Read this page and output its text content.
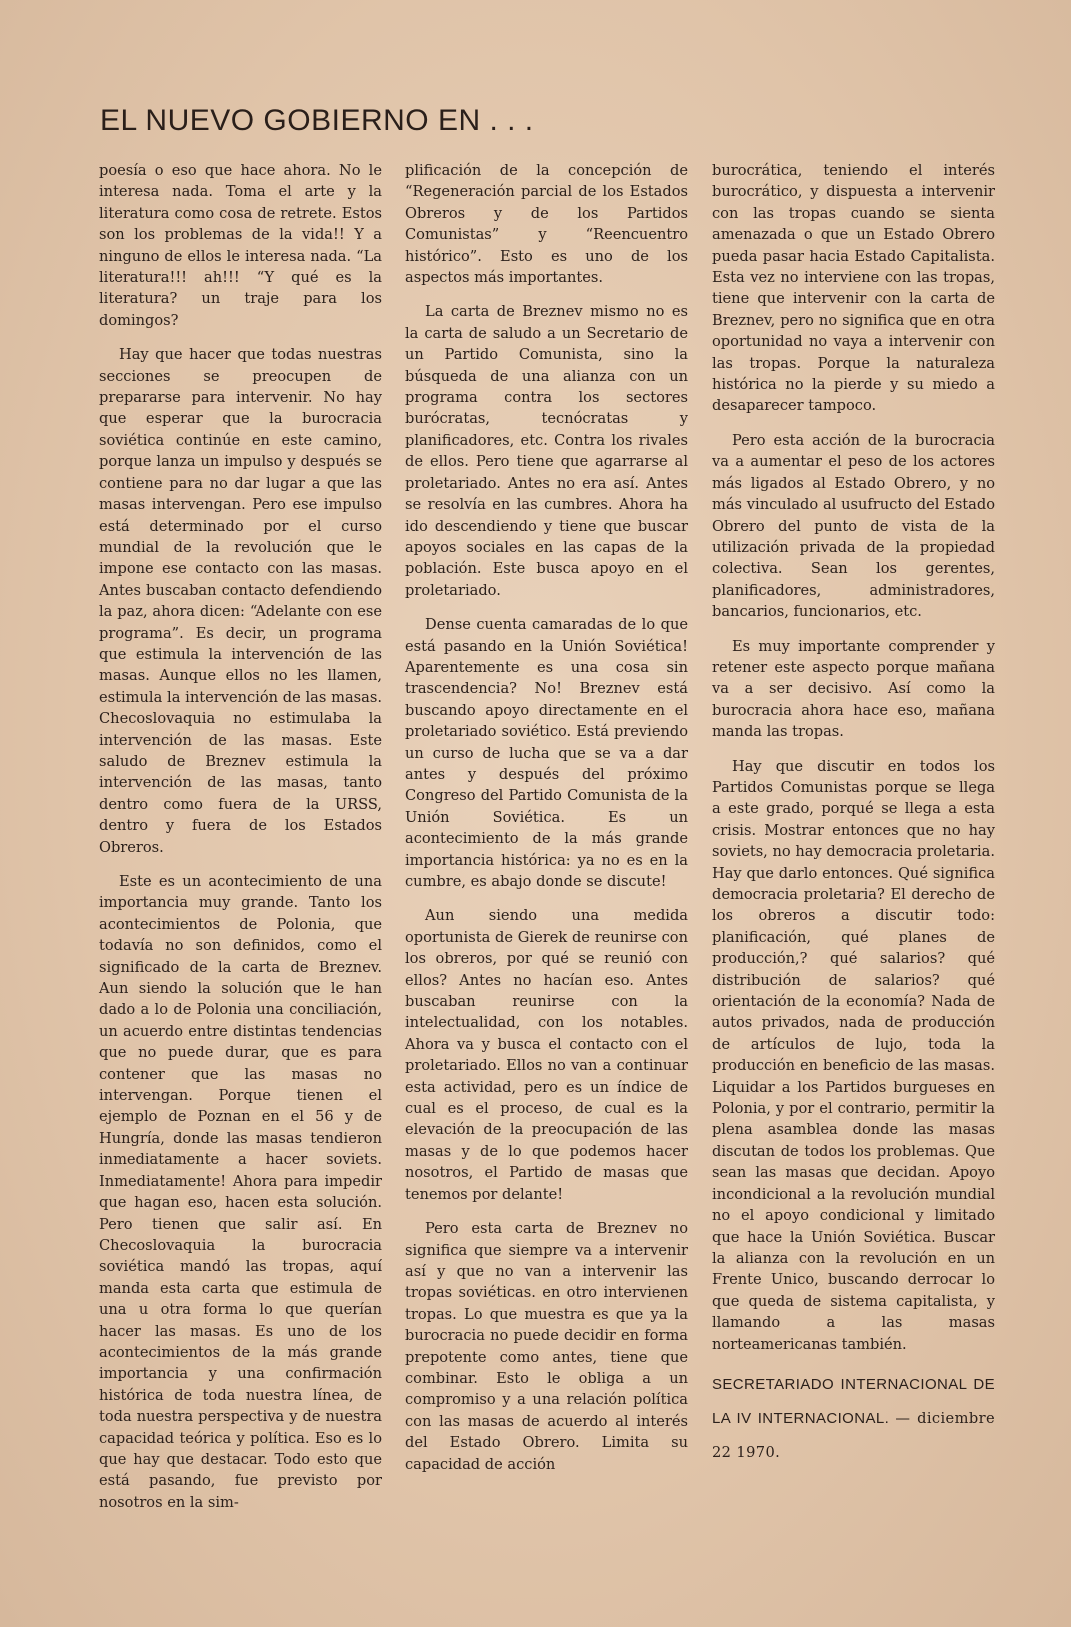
EL NUEVO GOBIERNO EN . . .

poesía o eso que hace ahora. No le interesa nada. Toma el arte y la literatura como cosa de retrete. Estos son los problemas de la vida!! Y a ninguno de ellos le interesa nada. “La literatura!!! ah!!! “Y qué es la literatura? un traje para los domingos?

Hay que hacer que todas nuestras secciones se preocupen de prepararse para intervenir. No hay que esperar que la burocracia soviética continúe en este camino, porque lanza un impulso y después se contiene para no dar lugar a que las masas intervengan. Pero ese impulso está determinado por el curso mundial de la revolución que le impone ese contacto con las masas. Antes buscaban contacto defendiendo la paz, ahora dicen: “Adelante con ese programa”. Es decir, un programa que estimula la intervención de las masas. Aunque ellos no les llamen, estimula la intervención de las masas. Checoslovaquia no estimulaba la intervención de las masas. Este saludo de Breznev estimula la intervención de las masas, tanto dentro como fuera de la URSS, dentro y fuera de los Estados Obreros.

Este es un acontecimiento de una importancia muy grande. Tanto los acontecimientos de Polonia, que todavía no son definidos, como el significado de la carta de Breznev. Aun siendo la solución que le han dado a lo de Polonia una conciliación, un acuerdo entre distintas tendencias que no puede durar, que es para contener que las masas no intervengan. Porque tienen el ejemplo de Poznan en el 56 y de Hungría, donde las masas tendieron inmediatamente a hacer soviets. Inmediatamente! Ahora para impedir que hagan eso, hacen esta solución. Pero tienen que salir así. En Checoslovaquia la burocracia soviética mandó las tropas, aquí manda esta carta que estimula de una u otra forma lo que querían hacer las masas. Es uno de los acontecimientos de la más grande importancia y una confirmación histórica de toda nuestra línea, de toda nuestra perspectiva y de nuestra capacidad teórica y política. Eso es lo que hay que destacar. Todo esto que está pasando, fue previsto por nosotros en la sim-

plificación de la concepción de “Regeneración parcial de los Estados Obreros y de los Partidos Comunistas” y “Reencuentro histórico”. Esto es uno de los aspectos más importantes.

La carta de Breznev mismo no es la carta de saludo a un Secretario de un Partido Comunista, sino la búsqueda de una alianza con un programa contra los sectores burócratas, tecnócratas y planificadores, etc. Contra los rivales de ellos. Pero tiene que agarrarse al proletariado. Antes no era así. Antes se resolvía en las cumbres. Ahora ha ido descendiendo y tiene que buscar apoyos sociales en las capas de la población. Este busca apoyo en el proletariado.

Dense cuenta camaradas de lo que está pasando en la Unión Soviética! Aparentemente es una cosa sin trascendencia? No! Breznev está buscando apoyo directamente en el proletariado soviético. Está previendo un curso de lucha que se va a dar antes y después del próximo Congreso del Partido Comunista de la Unión Soviética. Es un acontecimiento de la más grande importancia histórica: ya no es en la cumbre, es abajo donde se discute!

Aun siendo una medida oportunista de Gierek de reunirse con los obreros, por qué se reunió con ellos? Antes no hacían eso. Antes buscaban reunirse con la intelectualidad, con los notables. Ahora va y busca el contacto con el proletariado. Ellos no van a continuar esta actividad, pero es un índice de cual es el proceso, de cual es la elevación de la preocupación de las masas y de lo que podemos hacer nosotros, el Partido de masas que tenemos por delante!

Pero esta carta de Breznev no significa que siempre va a intervenir así y que no van a intervenir las tropas soviéticas. en otro intervienen tropas. Lo que muestra es que ya la burocracia no puede decidir en forma prepotente como antes, tiene que combinar. Esto le obliga a un compromiso y a una relación política con las masas de acuerdo al interés del Estado Obrero. Limita su capacidad de acción

burocrática, teniendo el interés burocrático, y dispuesta a intervenir con las tropas cuando se sienta amenazada o que un Estado Obrero pueda pasar hacia Estado Capitalista. Esta vez no interviene con las tropas, tiene que intervenir con la carta de Breznev, pero no significa que en otra oportunidad no vaya a intervenir con las tropas. Porque la naturaleza histórica no la pierde y su miedo a desaparecer tampoco.

Pero esta acción de la burocracia va a aumentar el peso de los actores más ligados al Estado Obrero, y no más vinculado al usufructo del Estado Obrero del punto de vista de la utilización privada de la propiedad colectiva. Sean los gerentes, planificadores, administradores, bancarios, funcionarios, etc.

Es muy importante comprender y retener este aspecto porque mañana va a ser decisivo. Así como la burocracia ahora hace eso, mañana manda las tropas.

Hay que discutir en todos los Partidos Comunistas porque se llega a este grado, porqué se llega a esta crisis. Mostrar entonces que no hay soviets, no hay democracia proletaria. Hay que darlo entonces. Qué significa democracia proletaria? El derecho de los obreros a discutir todo: planificación, qué planes de producción,? qué salarios? qué distribución de salarios? qué orientación de la economía? Nada de autos privados, nada de producción de artículos de lujo, toda la producción en beneficio de las masas. Liquidar a los Partidos burgueses en Polonia, y por el contrario, permitir la plena asamblea donde las masas discutan de todos los problemas. Que sean las masas que decidan. Apoyo incondicional a la revolución mundial no el apoyo condicional y limitado que hace la Unión Soviética. Buscar la alianza con la revolución en un Frente Unico, buscando derrocar lo que queda de sistema capitalista, y llamando a las masas norteamericanas también.

SECRETARIADO INTERNACIONAL DE LA IV INTERNACIONAL. — diciembre 22 1970.
